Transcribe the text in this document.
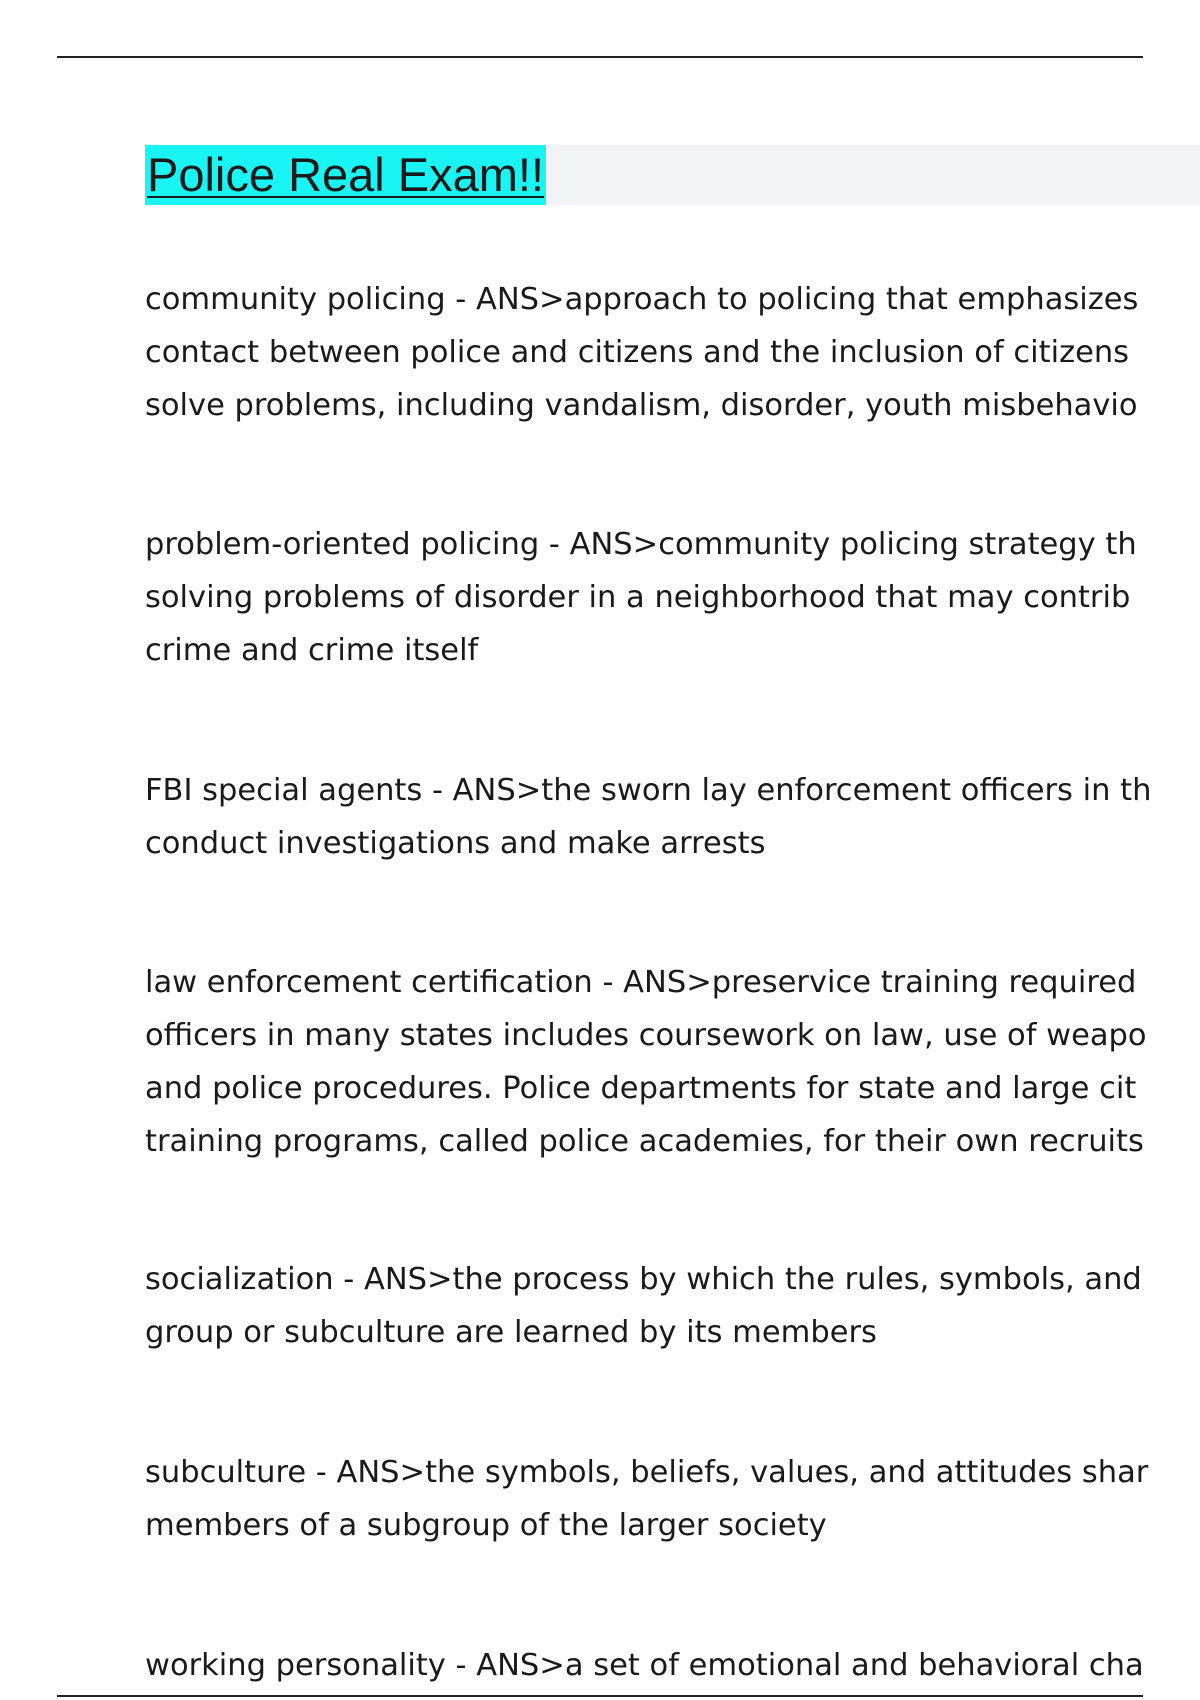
Police Real Exam!!

community policing - ANS>approach to policing that emphasizes
contact between police and citizens and the inclusion of citizens
solve problems, including vandalism, disorder, youth misbehavio

problem-oriented policing - ANS>community policing strategy th
solving problems of disorder in a neighborhood that may contrib
crime and crime itself

FBI special agents - ANS>the sworn lay enforcement officers in th
conduct investigations and make arrests

law enforcement certification - ANS>preservice training required
officers in many states includes coursework on law, use of weapo
and police procedures. Police departments for state and large cit
training programs, called police academies, for their own recruits

socialization - ANS>the process by which the rules, symbols, and
group or subculture are learned by its members

subculture - ANS>the symbols, beliefs, values, and attitudes shar
members of a subgroup of the larger society

working personality - ANS>a set of emotional and behavioral cha
